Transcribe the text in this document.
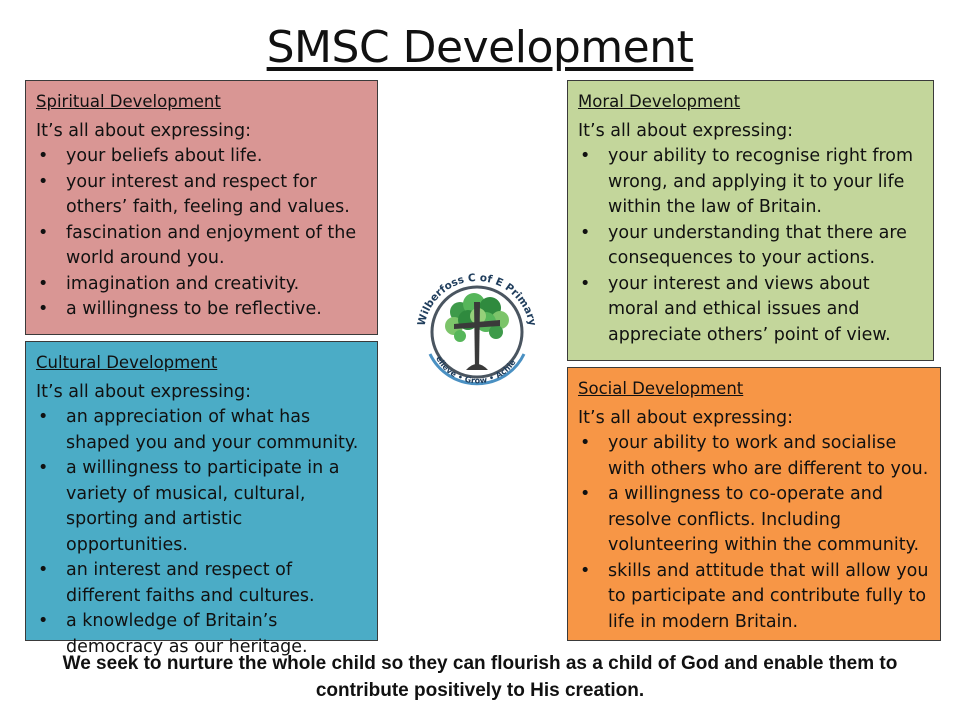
SMSC Development
Spiritual Development
It’s all about expressing:
• your beliefs about life.
• your interest and respect for others’ faith, feeling and values.
• fascination and enjoyment of the world around you.
• imagination and creativity.
• a willingness to be reflective.
Moral Development
It’s all about expressing:
• your ability to recognise right from wrong, and applying it to your life within the law of Britain.
• your understanding that there are consequences to your actions.
• your interest and views about moral and ethical issues and appreciate others’ point of view.
Cultural Development
It’s all about expressing:
• an appreciation of what has shaped you and your community.
• a willingness to participate in a variety of musical, cultural, sporting and artistic opportunities.
• an interest and respect of different faiths and cultures.
• a knowledge of Britain’s democracy as our heritage.
Social Development
It’s all about expressing:
• your ability to work and socialise with others who are different to you.
• a willingness to co-operate and resolve conflicts. Including volunteering within the community.
• skills and attitude that will allow you to participate and contribute fully to life in modern Britain.
Wilberfoss C of E Primary
elieve • Grow • Achie
We seek to nurture the whole child so they can flourish as a child of God and enable them to contribute positively to His creation.
